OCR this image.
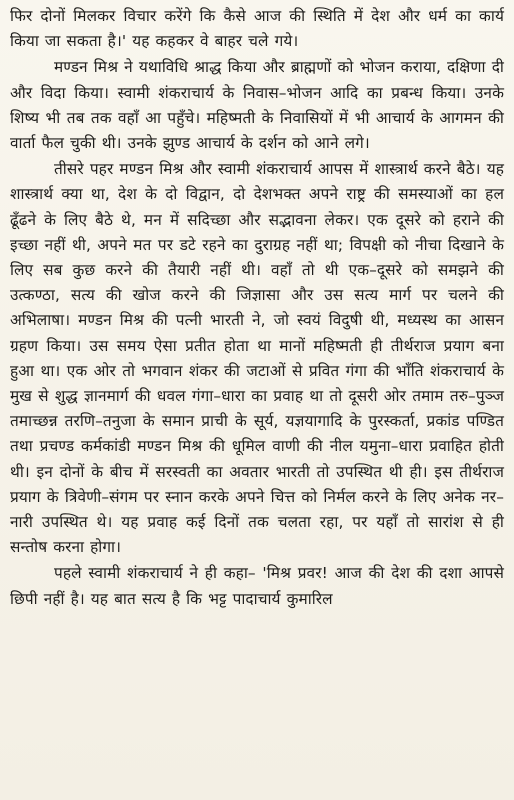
फिर दोनों मिलकर विचार करेंगे कि कैसे आज की स्थिति में देश और धर्म का कार्य किया जा सकता है।' यह कहकर वे बाहर चले गये।

मण्डन मिश्र ने यथाविधि श्राद्ध किया और ब्राह्मणों को भोजन कराया, दक्षिणा दी और विदा किया। स्वामी शंकराचार्य के निवास–भोजन आदि का प्रबन्ध किया। उनके शिष्य भी तब तक वहाँ आ पहुँचे। महिष्मती के निवासियों में भी आचार्य के आगमन की वार्ता फैल चुकी थी। उनके झुण्ड आचार्य के दर्शन को आने लगे।

तीसरे पहर मण्डन मिश्र और स्वामी शंकराचार्य आपस में शास्त्रार्थ करने बैठे। यह शास्त्रार्थ क्या था, देश के दो विद्वान, दो देशभक्त अपने राष्ट्र की समस्याओं का हल ढूँढने के लिए बैठे थे, मन में सदिच्छा और सद्भावना लेकर। एक दूसरे को हराने की इच्छा नहीं थी, अपने मत पर डटे रहने का दुराग्रह नहीं था; विपक्षी को नीचा दिखाने के लिए सब कुछ करने की तैयारी नहीं थी। वहाँ तो थी एक–दूसरे को समझने की उत्कण्ठा, सत्य की खोज करने की जिज्ञासा और उस सत्य मार्ग पर चलने की अभिलाषा। मण्डन मिश्र की पत्नी भारती ने, जो स्वयं विदुषी थी, मध्यस्थ का आसन ग्रहण किया। उस समय ऐसा प्रतीत होता था मानों महिष्मती ही तीर्थराज प्रयाग बना हुआ था। एक ओर तो भगवान शंकर की जटाओं से प्रवित गंगा की भाँति शंकराचार्य के मुख से शुद्ध ज्ञानमार्ग की धवल गंगा–धारा का प्रवाह था तो दूसरी ओर तमाम तरु–पुञ्ज तमाच्छन्न तरणि–तनुजा के समान प्राची के सूर्य, यज्ञयागादि के पुरस्कर्ता, प्रकांड पण्डित तथा प्रचण्ड कर्मकांडी मण्डन मिश्र की धूमिल वाणी की नील यमुना–धारा प्रवाहित होती थी। इन दोनों के बीच में सरस्वती का अवतार भारती तो उपस्थित थी ही। इस तीर्थराज प्रयाग के त्रिवेणी–संगम पर स्नान करके अपने चित्त को निर्मल करने के लिए अनेक नर–नारी उपस्थित थे। यह प्रवाह कई दिनों तक चलता रहा, पर यहाँ तो सारांश से ही सन्तोष करना होगा।

पहले स्वामी शंकराचार्य ने ही कहा– 'मिश्र प्रवर! आज की देश की दशा आपसे छिपी नहीं है। यह बात सत्य है कि भट्ट पादाचार्य कुमारिल
